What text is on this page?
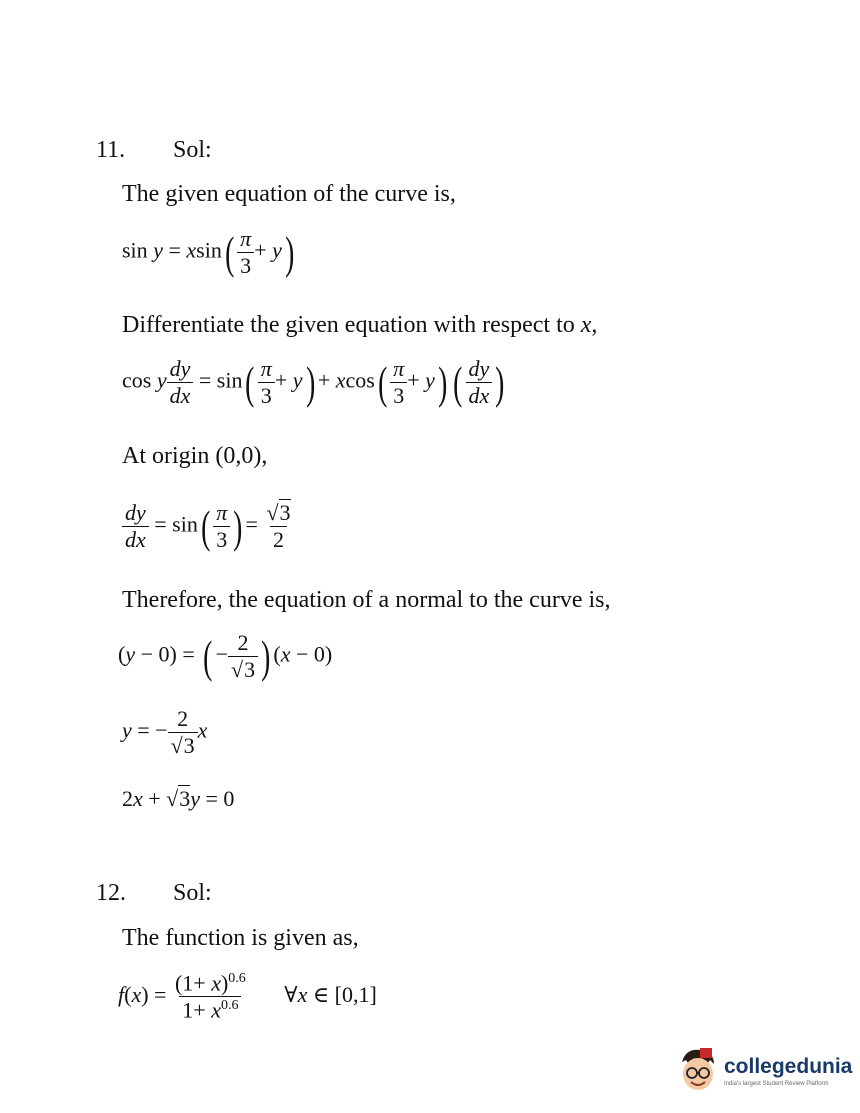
11. Sol:
The given equation of the curve is,
$\sin y = xsin( \frac{\pi}{3} + y)$
Differentiate the given equation with respect to x,
cos y $\frac{dy}{dx} = \sin( \frac{\pi}{3} + y) + xcos( \frac{\pi}{3} + y)$ ( $\frac{dy}{dx}$ )
At origin (0,0),
$\frac{dy}{dx} = \sin( \frac{\pi}{3}$ ) = $\frac{√3}{2}$
Therefore, the equation of a normal to the curve is,
(y − 0) = ( − $\frac{2}{√3}$ ) (x − 0)
y = − $\frac{2}{√3}$ x
2x + √3y = 0
12. Sol:
The function is given as,
$f(x) = \frac{(1+ x)^{0.6}}{1+ x^{0.6}}$ ∀x ∈ [0,1]
collegedunia
India's largest Student Review Platform
